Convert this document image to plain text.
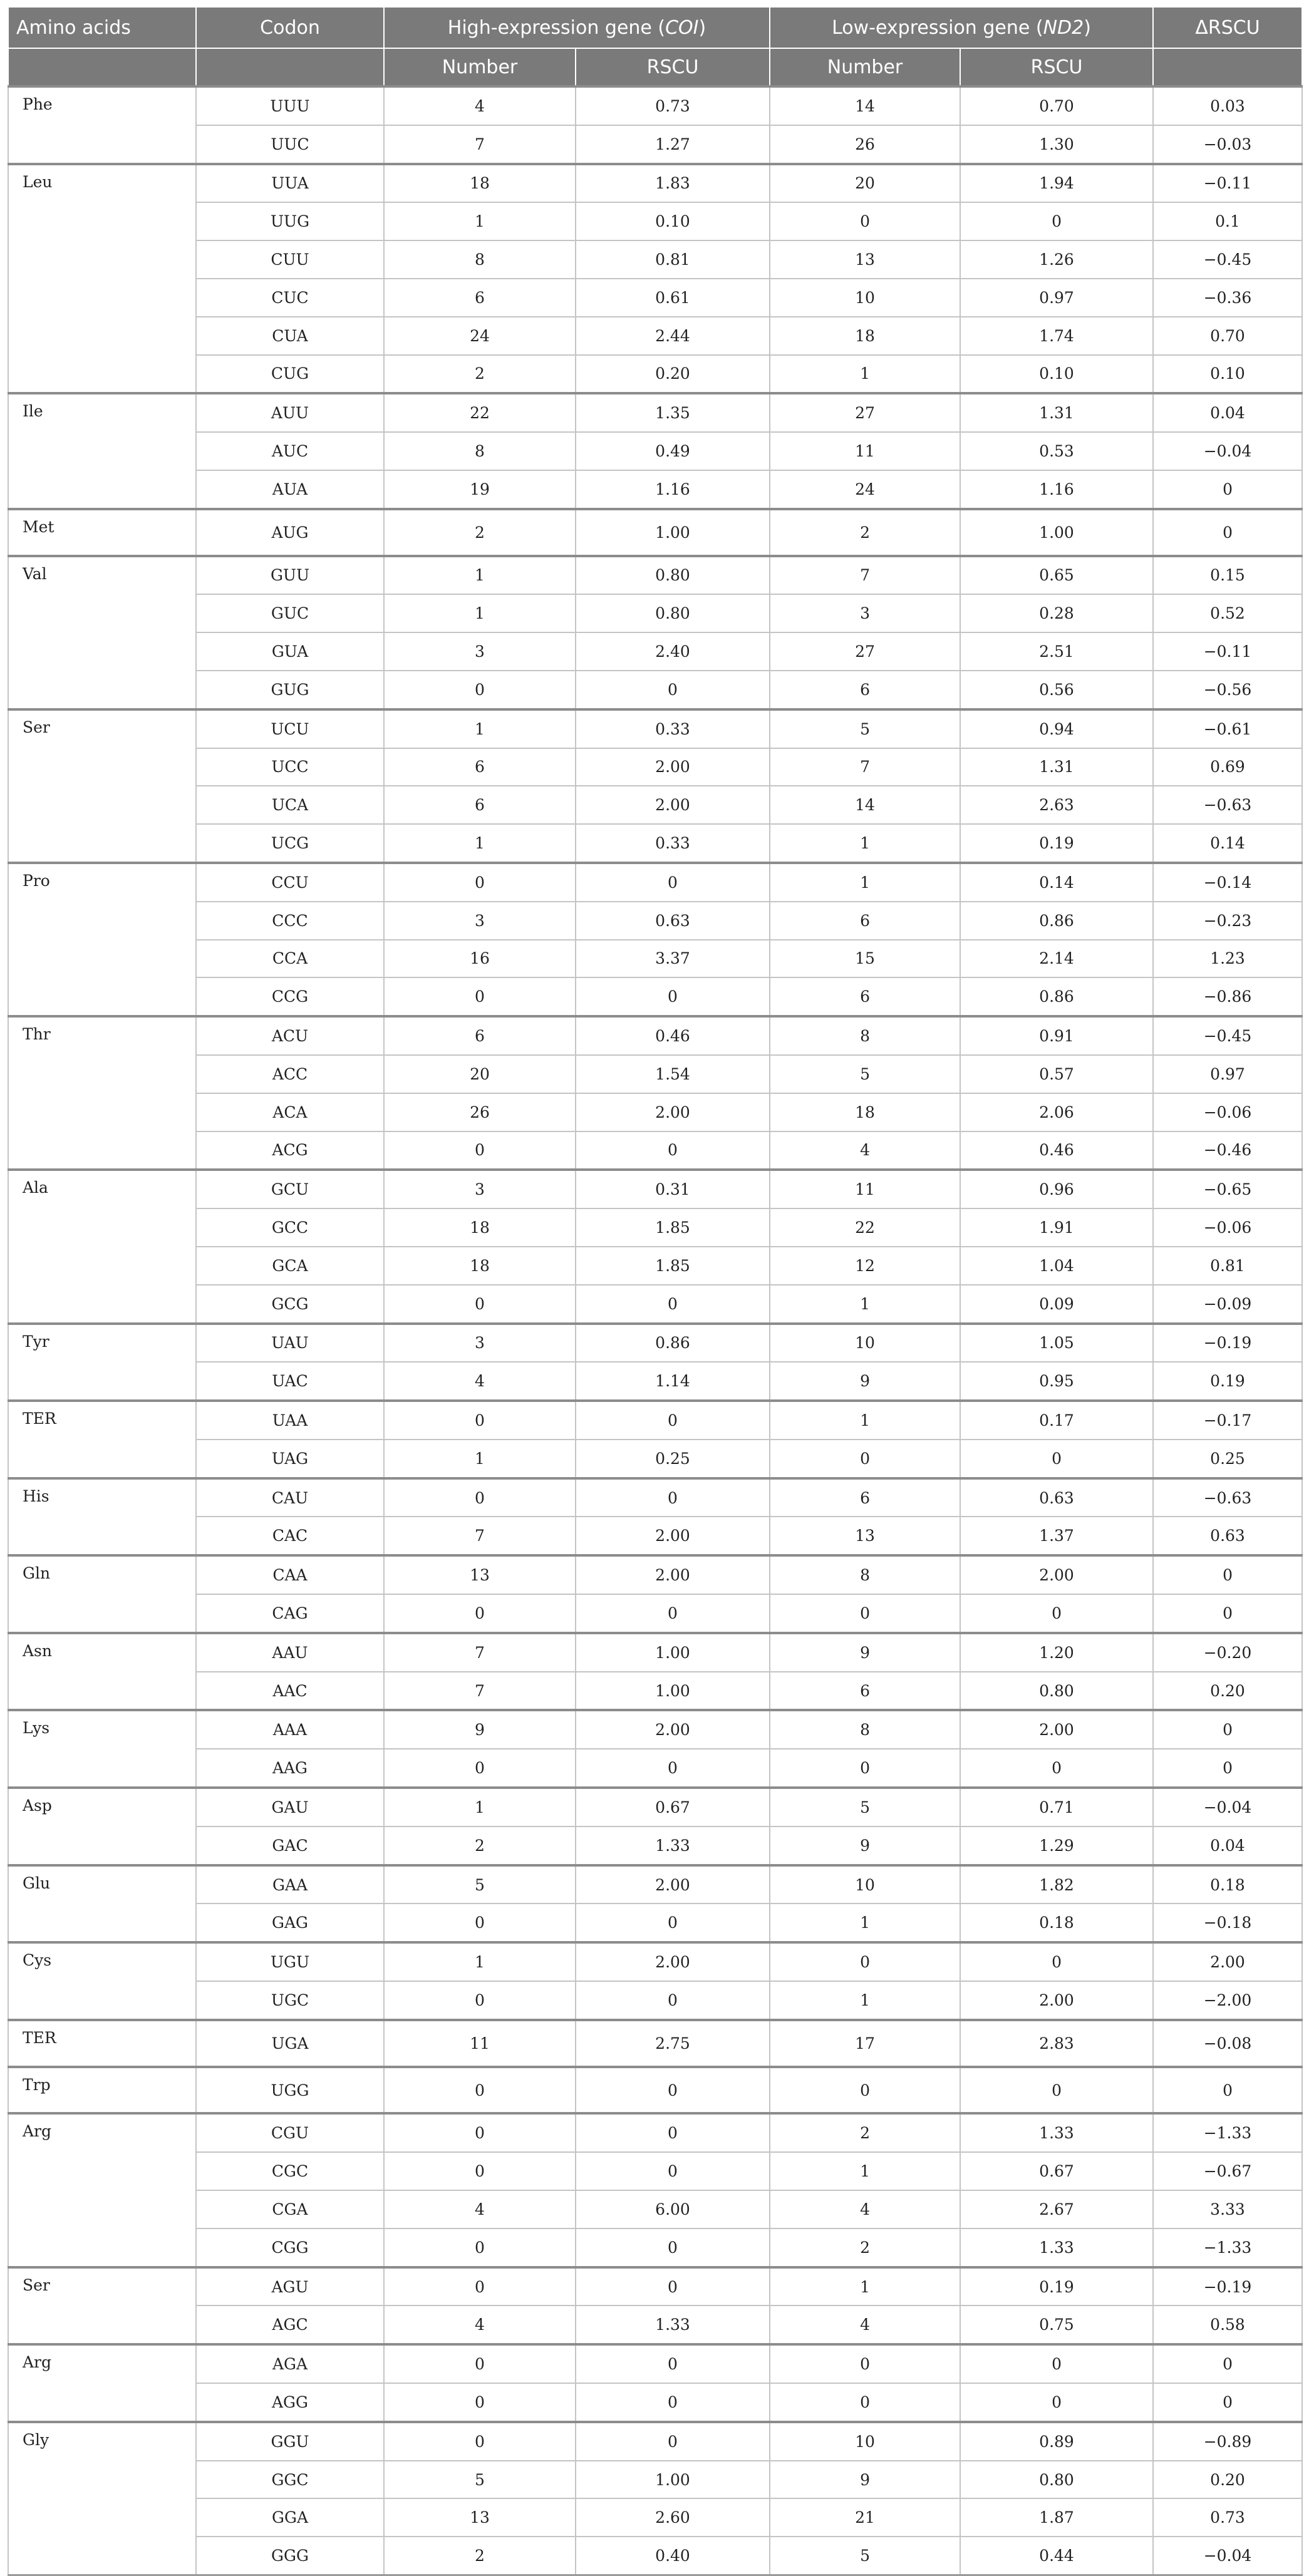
Amino acids	Codon	High-expression gene (COI)		Low-expression gene (ND2)		ΔRSCU
		Number	RSCU	Number	RSCU	
Phe	UUU	4	0.73	14	0.70	0.03
	UUC	7	1.27	26	1.30	−0.03
Leu	UUA	18	1.83	20	1.94	−0.11
	UUG	1	0.10	0	0	0.1
	CUU	8	0.81	13	1.26	−0.45
	CUC	6	0.61	10	0.97	−0.36
	CUA	24	2.44	18	1.74	0.70
	CUG	2	0.20	1	0.10	0.10
Ile	AUU	22	1.35	27	1.31	0.04
	AUC	8	0.49	11	0.53	−0.04
	AUA	19	1.16	24	1.16	0
Met	AUG	2	1.00	2	1.00	0
Val	GUU	1	0.80	7	0.65	0.15
	GUC	1	0.80	3	0.28	0.52
	GUA	3	2.40	27	2.51	−0.11
	GUG	0	0	6	0.56	−0.56
Ser	UCU	1	0.33	5	0.94	−0.61
	UCC	6	2.00	7	1.31	0.69
	UCA	6	2.00	14	2.63	−0.63
	UCG	1	0.33	1	0.19	0.14
Pro	CCU	0	0	1	0.14	−0.14
	CCC	3	0.63	6	0.86	−0.23
	CCA	16	3.37	15	2.14	1.23
	CCG	0	0	6	0.86	−0.86
Thr	ACU	6	0.46	8	0.91	−0.45
	ACC	20	1.54	5	0.57	0.97
	ACA	26	2.00	18	2.06	−0.06
	ACG	0	0	4	0.46	−0.46
Ala	GCU	3	0.31	11	0.96	−0.65
	GCC	18	1.85	22	1.91	−0.06
	GCA	18	1.85	12	1.04	0.81
	GCG	0	0	1	0.09	−0.09
Tyr	UAU	3	0.86	10	1.05	−0.19
	UAC	4	1.14	9	0.95	0.19
TER	UAA	0	0	1	0.17	−0.17
	UAG	1	0.25	0	0	0.25
His	CAU	0	0	6	0.63	−0.63
	CAC	7	2.00	13	1.37	0.63
Gln	CAA	13	2.00	8	2.00	0
	CAG	0	0	0	0	0
Asn	AAU	7	1.00	9	1.20	−0.20
	AAC	7	1.00	6	0.80	0.20
Lys	AAA	9	2.00	8	2.00	0
	AAG	0	0	0	0	0
Asp	GAU	1	0.67	5	0.71	−0.04
	GAC	2	1.33	9	1.29	0.04
Glu	GAA	5	2.00	10	1.82	0.18
	GAG	0	0	1	0.18	−0.18
Cys	UGU	1	2.00	0	0	2.00
	UGC	0	0	1	2.00	−2.00
TER	UGA	11	2.75	17	2.83	−0.08
Trp	UGG	0	0	0	0	0
Arg	CGU	0	0	2	1.33	−1.33
	CGC	0	0	1	0.67	−0.67
	CGA	4	6.00	4	2.67	3.33
	CGG	0	0	2	1.33	−1.33
Ser	AGU	0	0	1	0.19	−0.19
	AGC	4	1.33	4	0.75	0.58
Arg	AGA	0	0	0	0	0
	AGG	0	0	0	0	0
Gly	GGU	0	0	10	0.89	−0.89
	GGC	5	1.00	9	0.80	0.20
	GGA	13	2.60	21	1.87	0.73
	GGG	2	0.40	5	0.44	−0.04
